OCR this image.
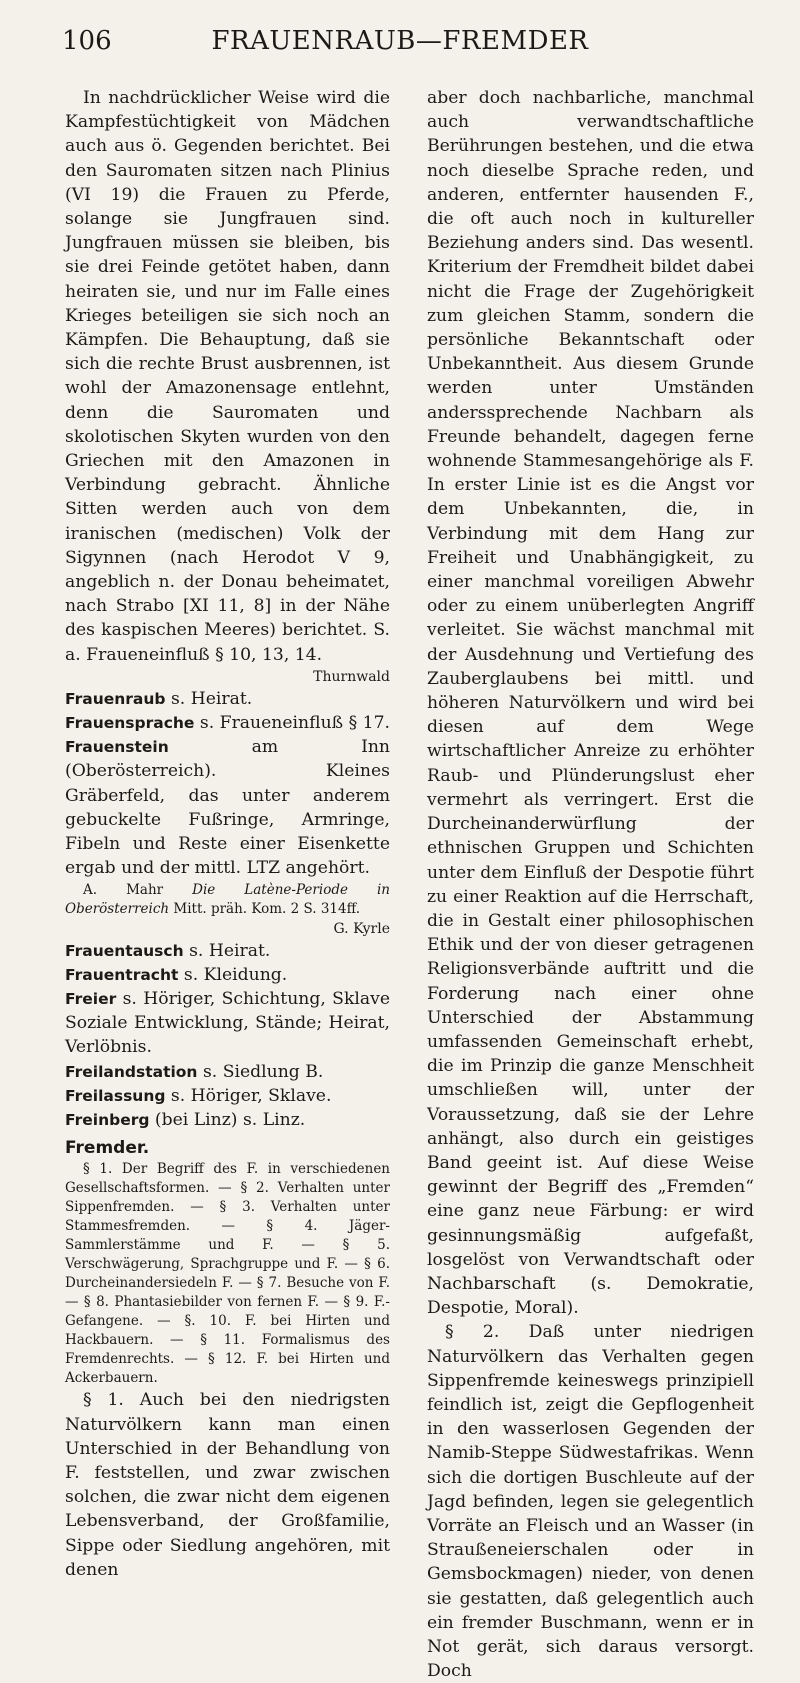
106	FRAUENRAUB—FREMDER

In nachdrücklicher Weise wird die Kampfestüchtigkeit von Mädchen auch aus ö. Gegenden berichtet. Bei den Sauromaten sitzen nach Plinius (VI 19) die Frauen zu Pferde, solange sie Jungfrauen sind. Jungfrauen müssen sie bleiben, bis sie drei Feinde getötet haben, dann heiraten sie, und nur im Falle eines Krieges beteiligen sie sich noch an Kämpfen. Die Behauptung, daß sie sich die rechte Brust ausbrennen, ist wohl der Amazonensage entlehnt, denn die Sauromaten und skolotischen Skyten wurden von den Griechen mit den Amazonen in Verbindung gebracht. Ähnliche Sitten werden auch von dem iranischen (medischen) Volk der Sigynnen (nach Herodot V 9, angeblich n. der Donau beheimatet, nach Strabo [XI 11, 8] in der Nähe des kaspischen Meeres) berichtet. S. a. Fraueneinfluß § 10, 13, 14.

Thurnwald

Frauenraub s. Heirat.

Frauensprache s. Fraueneinfluß § 17.

Frauenstein am Inn (Oberösterreich). Kleines Gräberfeld, das unter anderem gebuckelte Fußringe, Armringe, Fibeln und Reste einer Eisenkette ergab und der mittl. LTZ angehört.

A. Mahr Die Latène-Periode in Oberösterreich Mitt. präh. Kom. 2 S. 314ff.

G. Kyrle

Frauentausch s. Heirat.

Frauentracht s. Kleidung.

Freier s. Höriger, Schichtung, Sklave Soziale Entwicklung, Stände; Heirat, Verlöbnis.

Freilandstation s. Siedlung B.

Freilassung s. Höriger, Sklave.

Freinberg (bei Linz) s. Linz.

Fremder.

§ 1. Der Begriff des F. in verschiedenen Gesellschaftsformen. — § 2. Verhalten unter Sippenfremden. — § 3. Verhalten unter Stammesfremden. — § 4. Jäger-Sammlerstämme und F. — § 5. Verschwägerung, Sprachgruppe und F. — § 6. Durcheinandersiedeln F. — § 7. Besuche von F. — § 8. Phantasiebilder von fernen F. — § 9. F.-Gefangene. — §. 10. F. bei Hirten und Hackbauern. — § 11. Formalismus des Fremdenrechts. — § 12. F. bei Hirten und Ackerbauern.

§ 1. Auch bei den niedrigsten Naturvölkern kann man einen Unterschied in der Behandlung von F. feststellen, und zwar zwischen solchen, die zwar nicht dem eigenen Lebensverband, der Großfamilie, Sippe oder Siedlung angehören, mit denen

aber doch nachbarliche, manchmal auch verwandtschaftliche Berührungen bestehen, und die etwa noch dieselbe Sprache reden, und anderen, entfernter hausenden F., die oft auch noch in kultureller Beziehung anders sind. Das wesentl. Kriterium der Fremdheit bildet dabei nicht die Frage der Zugehörigkeit zum gleichen Stamm, sondern die persönliche Bekanntschaft oder Unbekanntheit. Aus diesem Grunde werden unter Umständen anderssprechende Nachbarn als Freunde behandelt, dagegen ferne wohnende Stammesangehörige als F. In erster Linie ist es die Angst vor dem Unbekannten, die, in Verbindung mit dem Hang zur Freiheit und Unabhängigkeit, zu einer manchmal voreiligen Abwehr oder zu einem unüberlegten Angriff verleitet. Sie wächst manchmal mit der Ausdehnung und Vertiefung des Zauberglaubens bei mittl. und höheren Naturvölkern und wird bei diesen auf dem Wege wirtschaftlicher Anreize zu erhöhter Raub- und Plünderungslust eher vermehrt als verringert. Erst die Durcheinanderwürflung der ethnischen Gruppen und Schichten unter dem Einfluß der Despotie führt zu einer Reaktion auf die Herrschaft, die in Gestalt einer philosophischen Ethik und der von dieser getragenen Religionsverbände auftritt und die Forderung nach einer ohne Unterschied der Abstammung umfassenden Gemeinschaft erhebt, die im Prinzip die ganze Menschheit umschließen will, unter der Voraussetzung, daß sie der Lehre anhängt, also durch ein geistiges Band geeint ist. Auf diese Weise gewinnt der Begriff des „Fremden“ eine ganz neue Färbung: er wird gesinnungsmäßig aufgefaßt, losgelöst von Verwandtschaft oder Nachbarschaft (s. Demokratie, Despotie, Moral).

§ 2. Daß unter niedrigen Naturvölkern das Verhalten gegen Sippenfremde keineswegs prinzipiell feindlich ist, zeigt die Gepflogenheit in den wasserlosen Gegenden der Namib-Steppe Südwestafrikas. Wenn sich die dortigen Buschleute auf der Jagd befinden, legen sie gelegentlich Vorräte an Fleisch und an Wasser (in Straußeneierschalen oder in Gemsbockmagen) nieder, von denen sie gestatten, daß gelegentlich auch ein fremder Buschmann, wenn er in Not gerät, sich daraus versorgt. Doch
